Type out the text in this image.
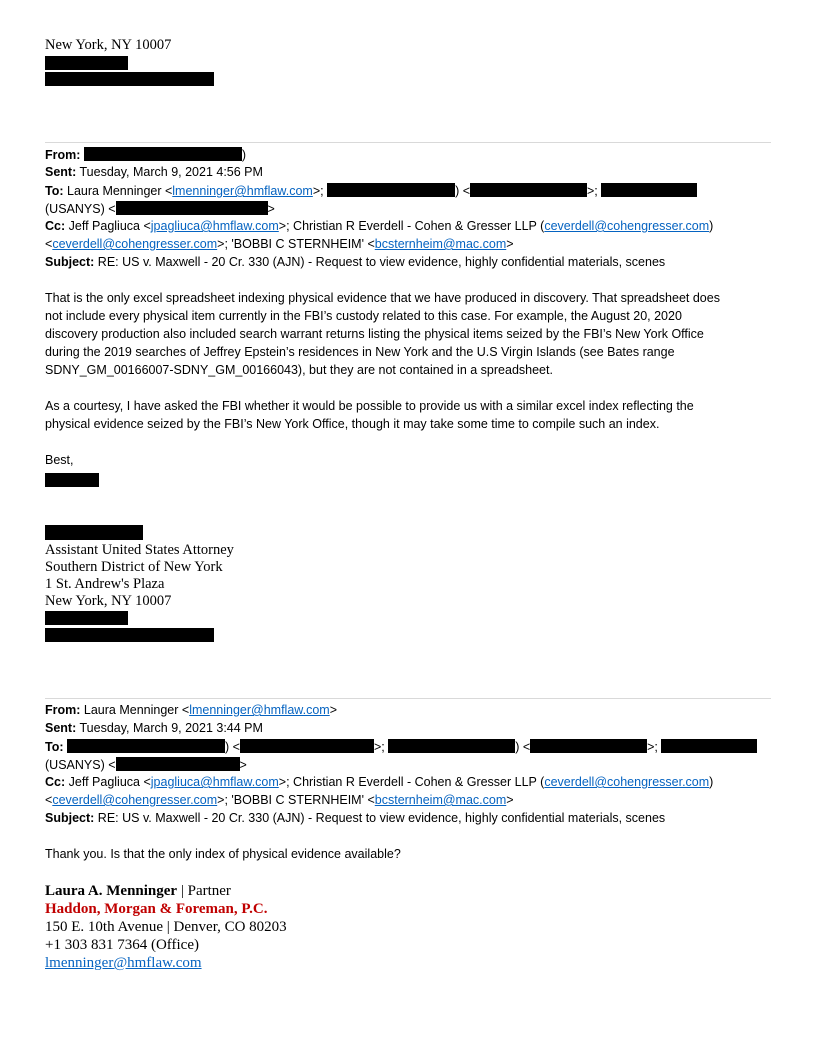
New York, NY 10007
From:	)
Sent: Tuesday, March 9, 2021 4:56 PM
To: Laura Menninger <lmenninger@hmflaw.com>;	) <	>;
(USANYS) <	>
Cc: Jeff Pagliuca <jpagliuca@hmflaw.com>; Christian R Everdell - Cohen & Gresser LLP (ceverdell@cohengresser.com)
<ceverdell@cohengresser.com>; 'BOBBI C STERNHEIM' <bcsternheim@mac.com>
Subject: RE: US v. Maxwell - 20 Cr. 330 (AJN) - Request to view evidence, highly confidential materials, scenes
That is the only excel spreadsheet indexing physical evidence that we have produced in discovery. That spreadsheet does
not include every physical item currently in the FBI’s custody related to this case. For example, the August 20, 2020
discovery production also included search warrant returns listing the physical items seized by the FBI’s New York Office
during the 2019 searches of Jeffrey Epstein’s residences in New York and the U.S Virgin Islands (see Bates range
SDNY_GM_00166007-SDNY_GM_00166043), but they are not contained in a spreadsheet.
As a courtesy, I have asked the FBI whether it would be possible to provide us with a similar excel index reflecting the
physical evidence seized by the FBI’s New York Office, though it may take some time to compile such an index.
Best,
Assistant United States Attorney
Southern District of New York
1 St. Andrew's Plaza
New York, NY 10007
From: Laura Menninger <lmenninger@hmflaw.com>
Sent: Tuesday, March 9, 2021 3:44 PM
To:	) <	>;	) <	>;
(USANYS) <	>
Cc: Jeff Pagliuca <jpagliuca@hmflaw.com>; Christian R Everdell - Cohen & Gresser LLP (ceverdell@cohengresser.com)
<ceverdell@cohengresser.com>; 'BOBBI C STERNHEIM' <bcsternheim@mac.com>
Subject: RE: US v. Maxwell - 20 Cr. 330 (AJN) - Request to view evidence, highly confidential materials, scenes
Thank you. Is that the only index of physical evidence available?
Laura A. Menninger | Partner
Haddon, Morgan & Foreman, P.C.
150 E. 10th Avenue | Denver, CO 80203
+1 303 831 7364 (Office)
lmenninger@hmflaw.com
